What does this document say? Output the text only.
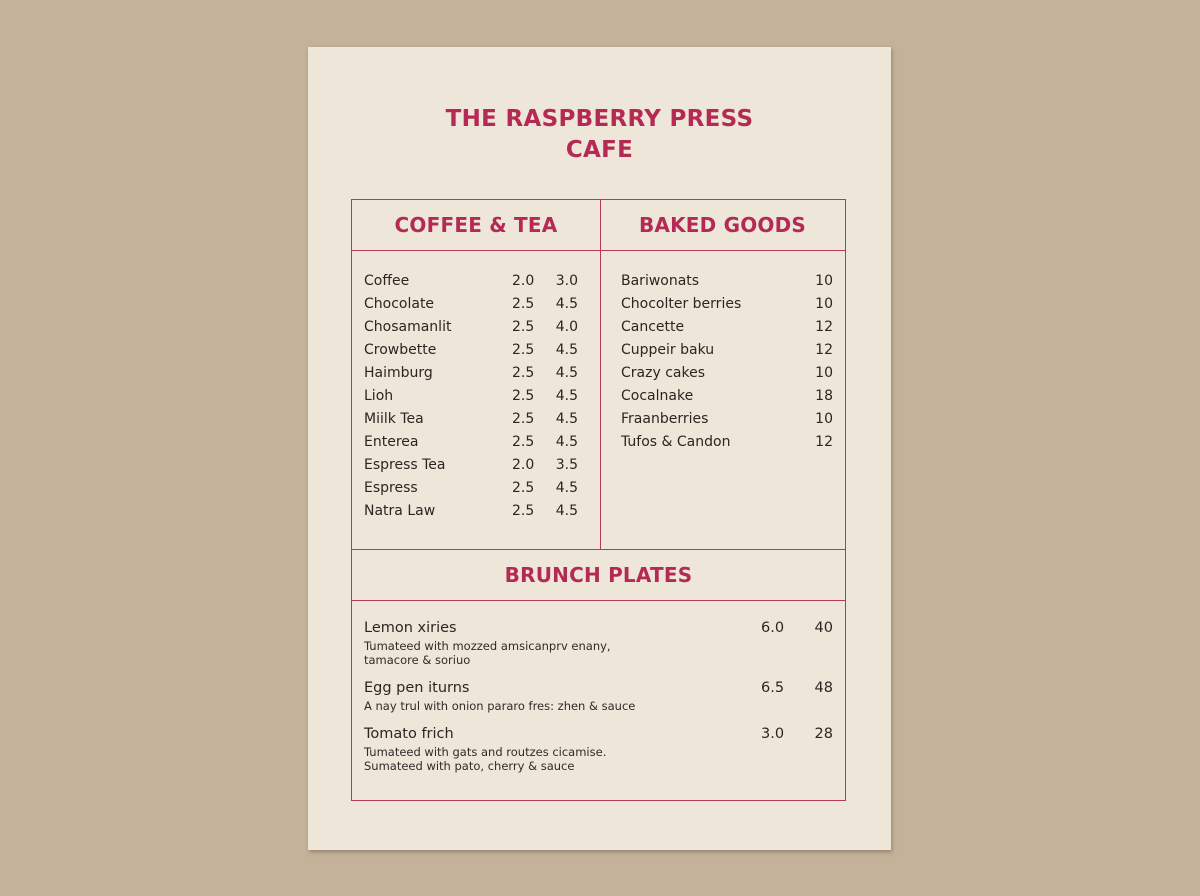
THE RASPBERRY PRESS
CAFE
COFFEE & TEA
Coffee	2.0	3.0
Chocolate	2.5	4.5
Chosamanlit	2.5	4.0
Crowbette	2.5	4.5
Haimburg	2.5	4.5
Lioh	2.5	4.5
Miilk Tea	2.5	4.5
Enterea	2.5	4.5
Espress Tea	2.0	3.5
Espress	2.5	4.5
Natra Law	2.5	4.5
BAKED GOODS
Bariwonats	10
Chocolter berries	10
Cancette	12
Cuppeir baku	12
Crazy cakes	10
Cocalnake	18
Fraanberries	10
Tufos & Candon	12
BRUNCH PLATES
Lemon xiries	6.0	40
Tumateed with mozzed amsicanprv enany,
tamacore & soriuo
Egg pen iturns	6.5	48
A nay trul with onion pararo fres: zhen & sauce
Tomato frich	3.0	28
Tumateed with gats and routzes cicamise.
Sumateed with pato, cherry & sauce
